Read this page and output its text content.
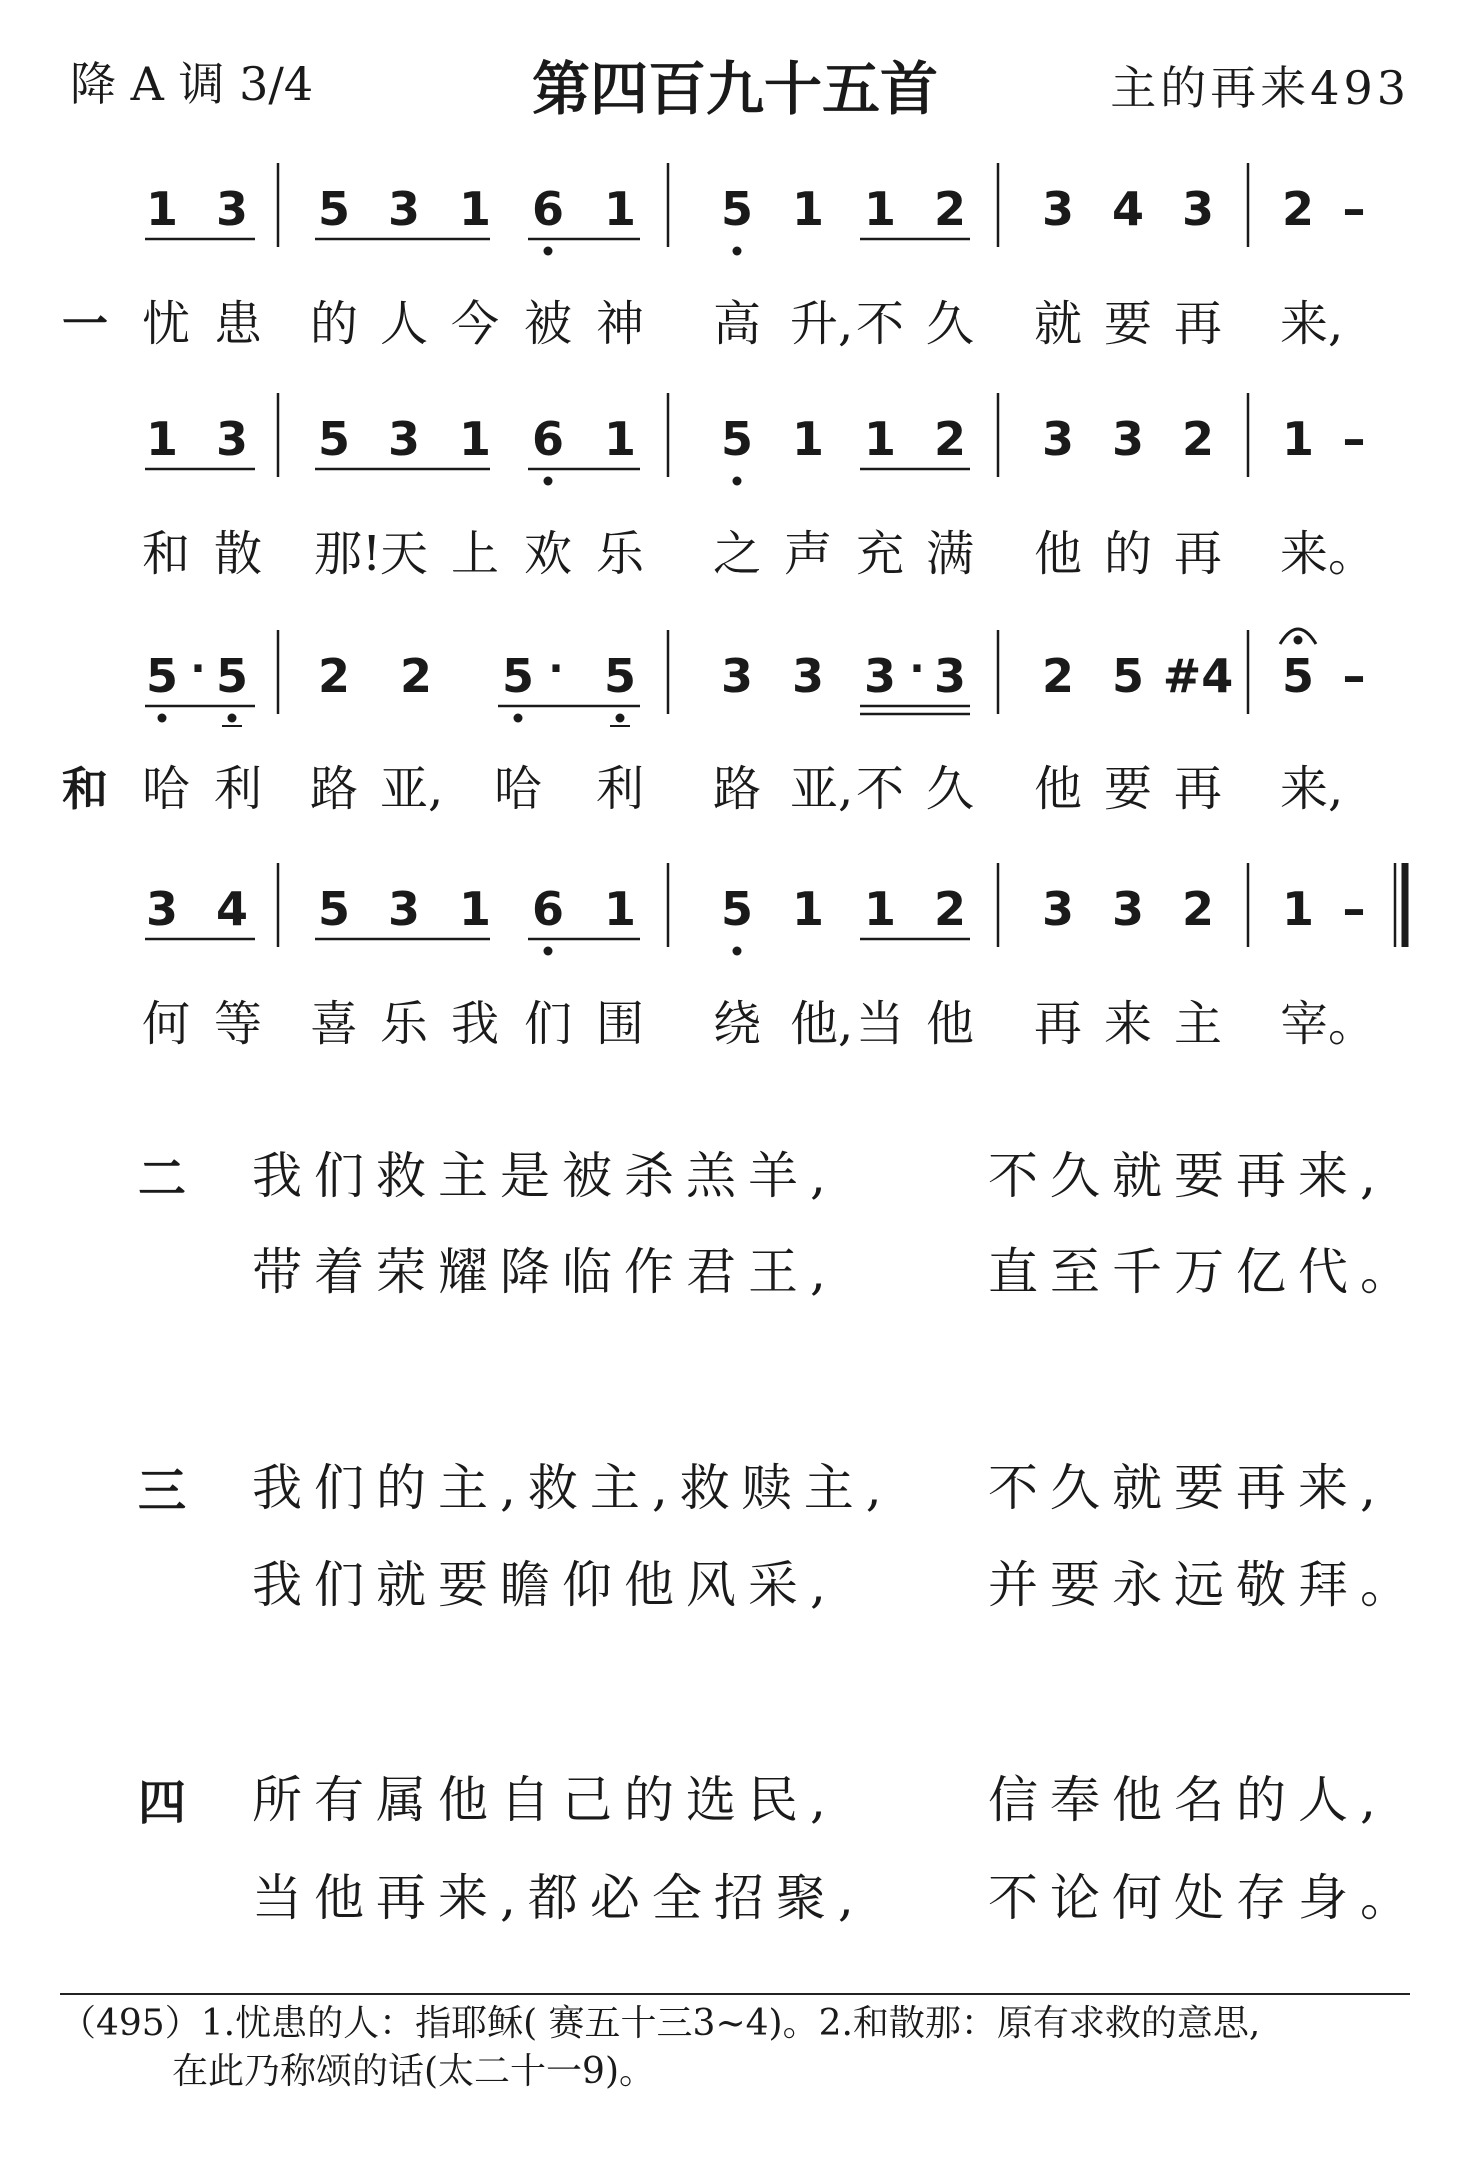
降 A 调 3/4	第四百九十五首	主的再来493
1 3 5 3 1 6 1 5 1 1 2 3 4 3 2 –
一 忧 患 的 人 今 被 神 高 升, 不 久 就 要 再 来,
1 3 5 3 1 6 1 5 1 1 2 3 3 2 1 –
和 散 那!
天 上 欢 乐 之 声 充 满 他 的 再 来。
5 · 5 2 2 5 · 5 3 3 3 · 3 2 5 #4 5 –
和 哈 利 路 亚, 哈 利 路 亚, 不 久 他 要 再 来,
3 4 5 3 1 6 1 5 1 1 2 3 3 2 1 –
何 等 喜 乐 我 们 围 绕 他, 当 他 再 来 主 宰。
二 我们救主是被杀羔羊,	不久就要再来,
带着荣耀降临作君王,	直至千万亿代。
三 我们的主,救主,救赎主, 不久就要再来,
我们就要瞻仰他风采,	并要永远敬拜。
四 所有属他自己的选民,	信奉他名的人,
当他再来,都必全招聚, 不论何处存身。
（495）1.忧患的人：指耶稣( 赛五十三3~4)。2.和散那：原有求救的意思,
在此乃称颂的话(太二十一9)。
